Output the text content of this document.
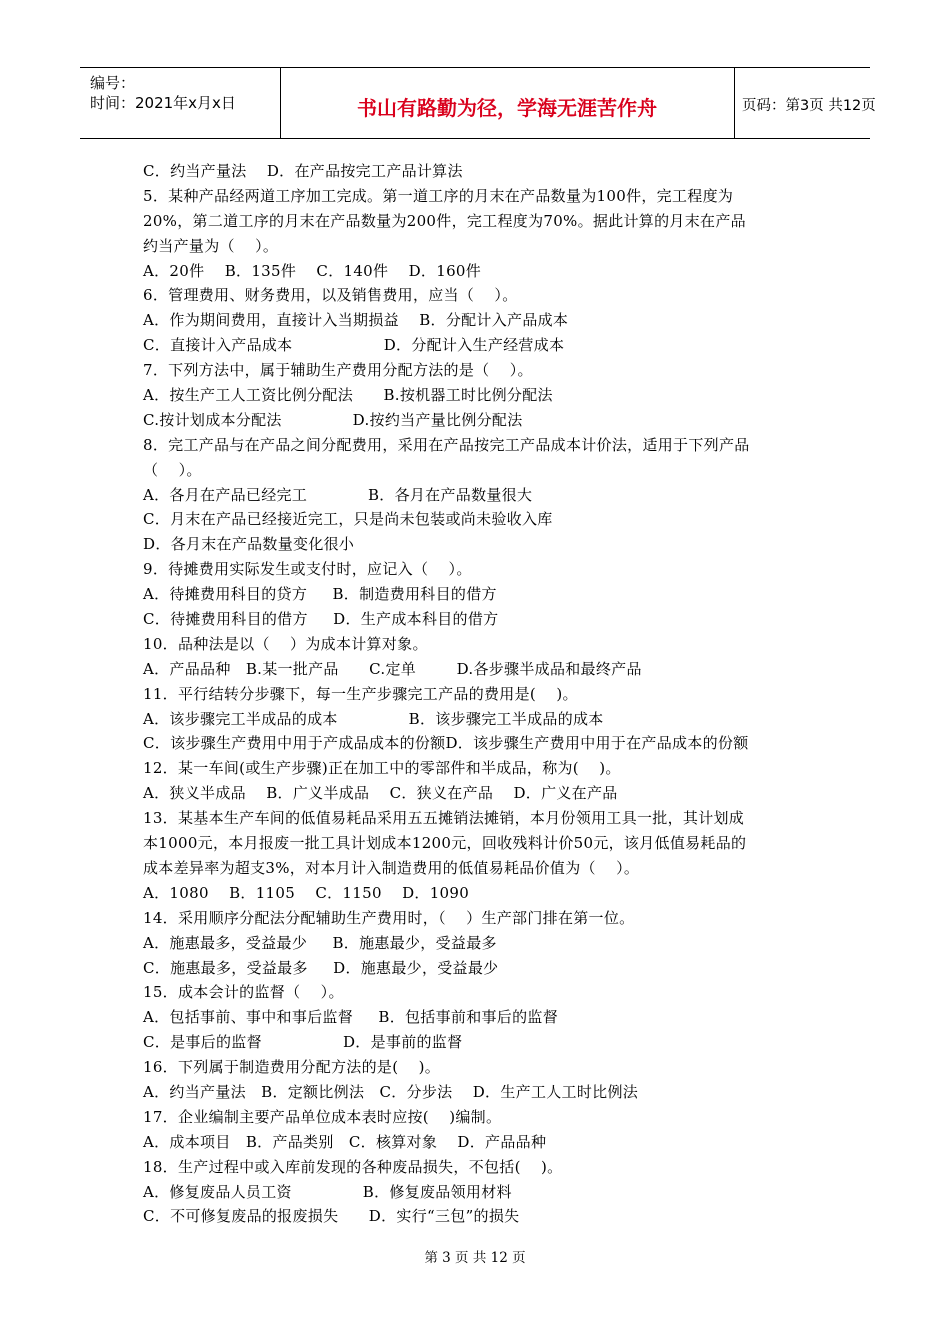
编号：
时间：2021年x月x日	书山有路勤为径，学海无涯苦作舟	页码：第3页 共12页
C．约当产量法    D．在产品按完工产品计算法
5．某种产品经两道工序加工完成。第一道工序的月末在产品数量为100件，完工程度为
20%，第二道工序的月末在产品数量为200件，完工程度为70%。据此计算的月末在产品
约当产量为（    ）。
A．20件    B．135件    C．140件    D．160件
6．管理费用、财务费用，以及销售费用，应当（    ）。
A．作为期间费用，直接计入当期损益    B．分配计入产品成本
C．直接计入产品成本                  D．分配计入生产经营成本
7．下列方法中，属于辅助生产费用分配方法的是（    ）。
A．按生产工人工资比例分配法      B.按机器工时比例分配法
C.按计划成本分配法              D.按约当产量比例分配法
8．完工产品与在产品之间分配费用，采用在产品按完工产品成本计价法，适用于下列产品
（    ）。
A．各月在产品已经完工            B．各月在产品数量很大
C．月末在产品已经接近完工，只是尚未包装或尚未验收入库
D．各月末在产品数量变化很小
9．待摊费用实际发生或支付时，应记入（    ）。
A．待摊费用科目的贷方     B．制造费用科目的借方
C．待摊费用科目的借方     D．生产成本科目的借方
10．品种法是以（    ）为成本计算对象。
A．产品品种   B.某一批产品      C.定单        D.各步骤半成品和最终产品
11．平行结转分步骤下，每一生产步骤完工产品的费用是(    )。
A．该步骤完工半成品的成本              B．该步骤完工半成品的成本
C．该步骤生产费用中用于产成品成本的份额D．该步骤生产费用中用于在产品成本的份额
12．某一车间(或生产步骤)正在加工中的零部件和半成品，称为(    )。
A．狭义半成品    B．广义半成品    C．狭义在产品    D．广义在产品
13．某基本生产车间的低值易耗品采用五五摊销法摊销，本月份领用工具一批，其计划成
本1000元，本月报废一批工具计划成本1200元，回收残料计价50元，该月低值易耗品的
成本差异率为超支3%，对本月计入制造费用的低值易耗品价值为（    ）。
A．1080    B．1105    C．1150    D．1090
14．采用顺序分配法分配辅助生产费用时，（    ）生产部门排在第一位。
A．施惠最多，受益最少     B．施惠最少，受益最多
C．施惠最多，受益最多     D．施惠最少，受益最少
15．成本会计的监督（    ）。
A．包括事前、事中和事后监督     B．包括事前和事后的监督
C．是事后的监督                D．是事前的监督
16．下列属于制造费用分配方法的是(    )。
A．约当产量法   B．定额比例法   C．分步法    D．生产工人工时比例法
17．企业编制主要产品单位成本表时应按(    )编制。
A．成本项目   B．产品类别   C．核算对象    D．产品品种
18．生产过程中或入库前发现的各种废品损失，不包括(    )。
A．修复废品人员工资              B．修复废品领用材料
C．不可修复废品的报废损失      D．实行“三包”的损失
第 3 页 共 12 页
